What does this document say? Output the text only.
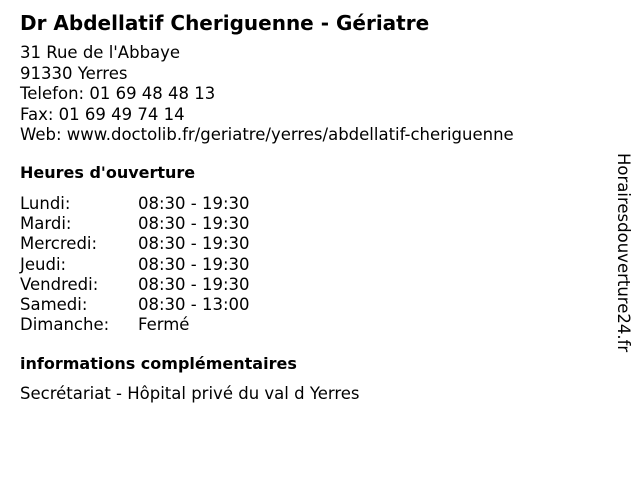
Dr Abdellatif Cheriguenne - Gériatre
31 Rue de l'Abbaye
91330 Yerres
Telefon: 01 69 48 48 13
Fax: 01 69 49 74 14
Web: www.doctolib.fr/geriatre/yerres/abdellatif-cheriguenne
Heures d'ouverture
Lundi:	08:30 - 19:30
Mardi:	08:30 - 19:30
Mercredi: 08:30 - 19:30
Jeudi:	08:30 - 19:30
Vendredi: 08:30 - 19:30
Samedi:	08:30 - 13:00
Dimanche: Fermé
informations complémentaires
Secrétariat - Hôpital privé du val d Yerres
Horairesdouverture24.fr
